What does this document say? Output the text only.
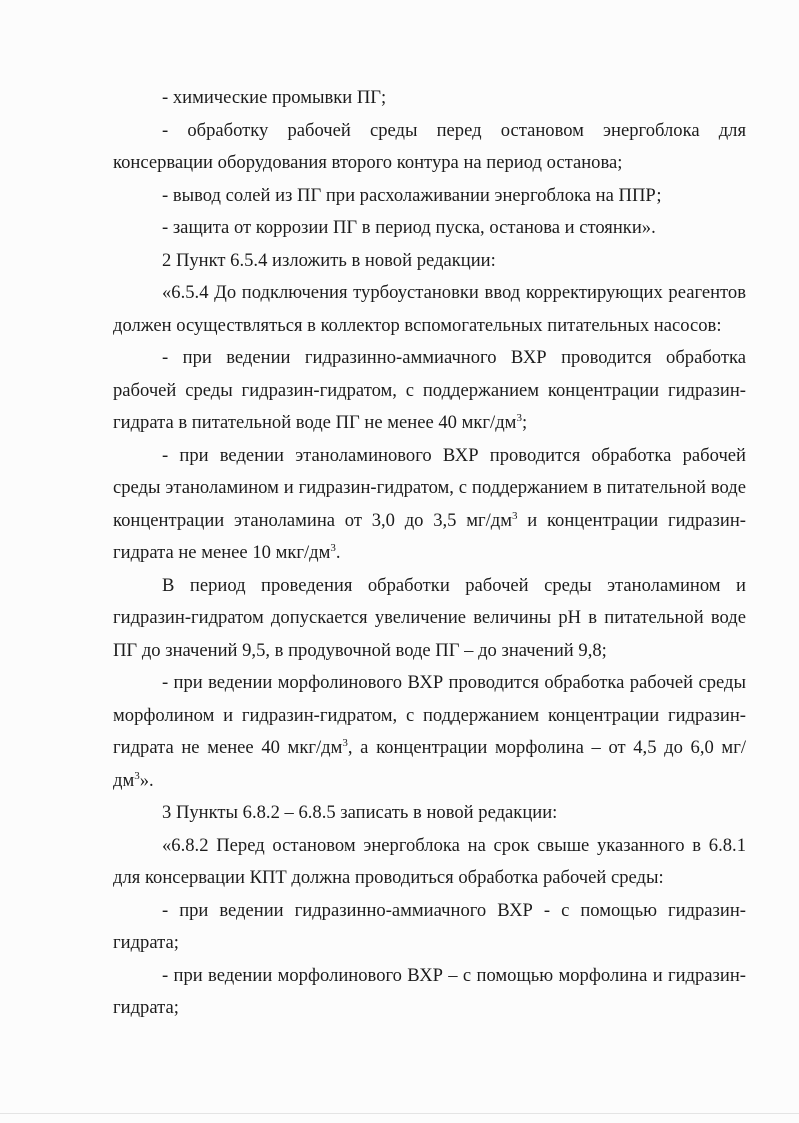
- химические промывки ПГ;

- обработку рабочей среды перед остановом энергоблока для консервации оборудования второго контура на период останова;

- вывод солей из ПГ при расхолаживании энергоблока на ППР;

- защита от коррозии ПГ в период пуска, останова и стоянки».

2 Пункт 6.5.4 изложить в новой редакции:

«6.5.4 До подключения турбоустановки ввод корректирующих реагентов должен осуществляться в коллектор вспомогательных питательных насосов:

- при ведении гидразинно-аммиачного ВХР проводится обработка рабочей среды гидразин-гидратом, с поддержанием концентрации гидразин-гидрата в питательной воде ПГ не менее 40 мкг/$дм^3$;

- при ведении этаноламинового ВХР проводится обработка рабочей среды этаноламином и гидразин-гидратом, с поддержанием в питательной воде концентрации этаноламина от 3,0 до 3,5 $мг/дм^3$ и концентрации гидразин-гидрата не менее 10 мкг/$дм^3$.

В период проведения обработки рабочей среды этаноламином и гидразин-гидратом допускается увеличение величины pH в питательной воде ПГ до значений 9,5, в продувочной воде ПГ – до значений 9,8;

- при ведении морфолинового ВХР проводится обработка рабочей среды морфолином и гидразин-гидратом, с поддержанием концентрации гидразин-гидрата не менее 40 мкг/$дм^3$, а концентрации морфолина – от 4,5 до 6,0 $мг/дм^3$».

3 Пункты 6.8.2 – 6.8.5 записать в новой редакции:

«6.8.2 Перед остановом энергоблока на срок свыше указанного в 6.8.1 для консервации КПТ должна проводиться обработка рабочей среды:

- при ведении гидразинно-аммиачного ВХР - с помощью гидразин-гидрата;

- при ведении морфолинового ВХР – с помощью морфолина и гидразин-гидрата;
